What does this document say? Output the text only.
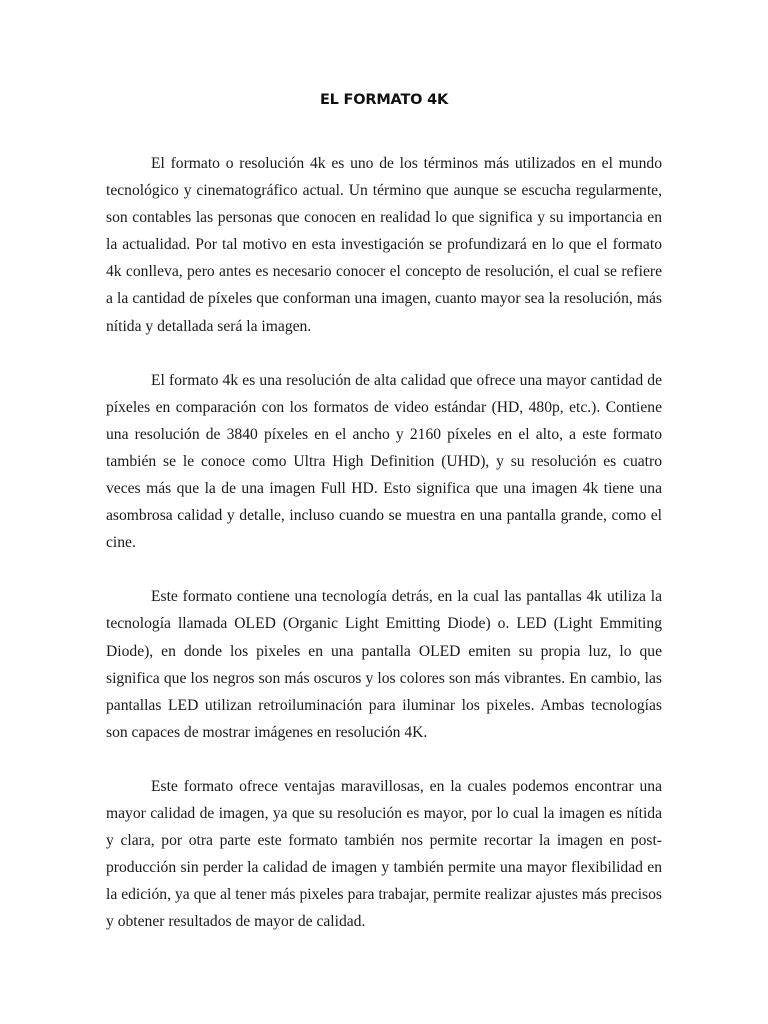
EL FORMATO 4K

El formato o resolución 4k es uno de los términos más utilizados en el mundo tecnológico y cinematográfico actual. Un término que aunque se escucha regularmente, son contables las personas que conocen en realidad lo que significa y su importancia en la actualidad. Por tal motivo en esta investigación se profundizará en lo que el formato 4k conlleva, pero antes es necesario conocer el concepto de resolución, el cual se refiere a la cantidad de píxeles que conforman una imagen, cuanto mayor sea la resolución, más nítida y detallada será la imagen.

El formato 4k es una resolución de alta calidad que ofrece una mayor cantidad de píxeles en comparación con los formatos de video estándar (HD, 480p, etc.). Contiene una resolución de 3840 píxeles en el ancho y 2160 píxeles en el alto, a este formato también se le conoce como Ultra High Definition (UHD), y su resolución es cuatro veces más que la de una imagen Full HD. Esto significa que una imagen 4k tiene una asombrosa calidad y detalle, incluso cuando se muestra en una pantalla grande, como el cine.

Este formato contiene una tecnología detrás, en la cual las pantallas 4k utiliza la tecnología llamada OLED (Organic Light Emitting Diode) o. LED (Light Emmiting Diode), en donde los pixeles en una pantalla OLED emiten su propia luz, lo que significa que los negros son más oscuros y los colores son más vibrantes. En cambio, las pantallas LED utilizan retroiluminación para iluminar los pixeles. Ambas tecnologías son capaces de mostrar imágenes en resolución 4K.

Este formato ofrece ventajas maravillosas, en la cuales podemos encontrar una mayor calidad de imagen, ya que su resolución es mayor, por lo cual la imagen es nítida y clara, por otra parte este formato también nos permite recortar la imagen en post-producción sin perder la calidad de imagen y también permite una mayor flexibilidad en la edición, ya que al tener más pixeles para trabajar, permite realizar ajustes más precisos y obtener resultados de mayor de calidad.
